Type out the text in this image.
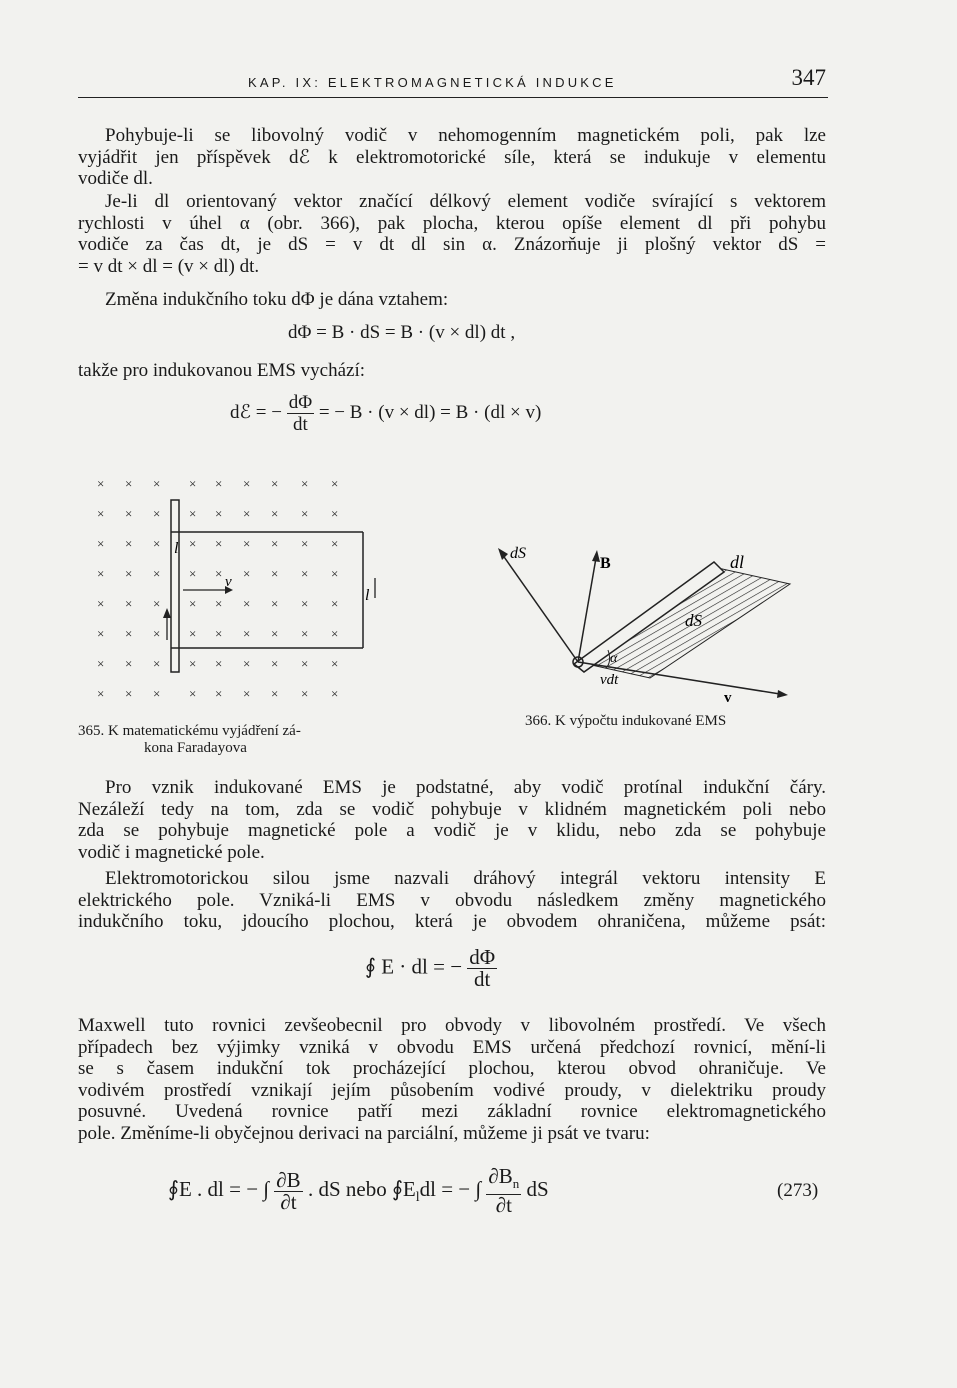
KAP. IX: ELEKTROMAGNETICKÁ INDUKCE	347
Pohybuje-li se libovolný vodič v nehomogenním magnetickém poli, pak lze
vyjádřit jen příspěvek dℰ k elektromotorické síle, která se indukuje v elementu
vodiče dl.
Je-li dl orientovaný vektor značící délkový element vodiče svírající s vektorem
rychlosti v úhel α (obr. 366), pak plocha, kterou opíše element dl při pohybu
vodiče za čas dt, je dS = v dt dl sin α. Znázorňuje ji plošný vektor dS =
= v dt × dl = (v × dl) dt.
Změna indukčního toku dΦ je dána vztahem:
dΦ = B · dS = B · (v × dl) dt ,
takže pro indukovanou EMS vychází:
dℰ = − $\frac{d\Phi}{dt}$ = − B · (v × dl) = B · (dl × v)
× × × × × × × × ×
× × × × × × × × ×
× × × × × × × × ×
× × × × × × × × ×
× × × × × × × × ×
× × × × × × × × ×
× × × × × × × × ×
× × × × × × × × ×
l
v
l
365. K matematickému vyjádření zá-
kona Faradayova
dS
B	dl
dS
α
vdt
v
366. K výpočtu indukované EMS
Pro vznik indukované EMS je podstatné, aby vodič protínal indukční čáry.
Nezáleží tedy na tom, zda se vodič pohybuje v klidném magnetickém poli nebo
zda se pohybuje magnetické pole a vodič je v klidu, nebo zda se pohybuje
vodič i magnetické pole.
Elektromotorickou silou jsme nazvali dráhový integrál vektoru intensity E
elektrického pole. Vzniká-li EMS v obvodu následkem změny magnetického
indukčního toku, jdoucího plochou, která je obvodem ohraničena, můžeme psát:
∮ E · dl = − $\frac{d\Phi}{dt}$
Maxwell tuto rovnici zevšeobecnil pro obvody v libovolném prostředí. Ve všech
případech bez výjimky vzniká v obvodu EMS určená předchozí rovnicí, mění-li
se s časem indukční tok procházející plochou, kterou obvod ohraničuje. Ve
vodivém prostředí vznikají jejím působením vodivé proudy, v dielektriku proudy
posuvné. Uvedená rovnice patří mezi základní rovnice elektromagnetického
pole. Změníme-li obyčejnou derivaci na parciální, můžeme ji psát ve tvaru:
∮E . dl = − ∫ $\frac{\partial B}{\partial t}$ . dS nebo $∮E_ldl$ = − ∫ $\frac{\partial B_n}{\partial t}$ dS	(273)
